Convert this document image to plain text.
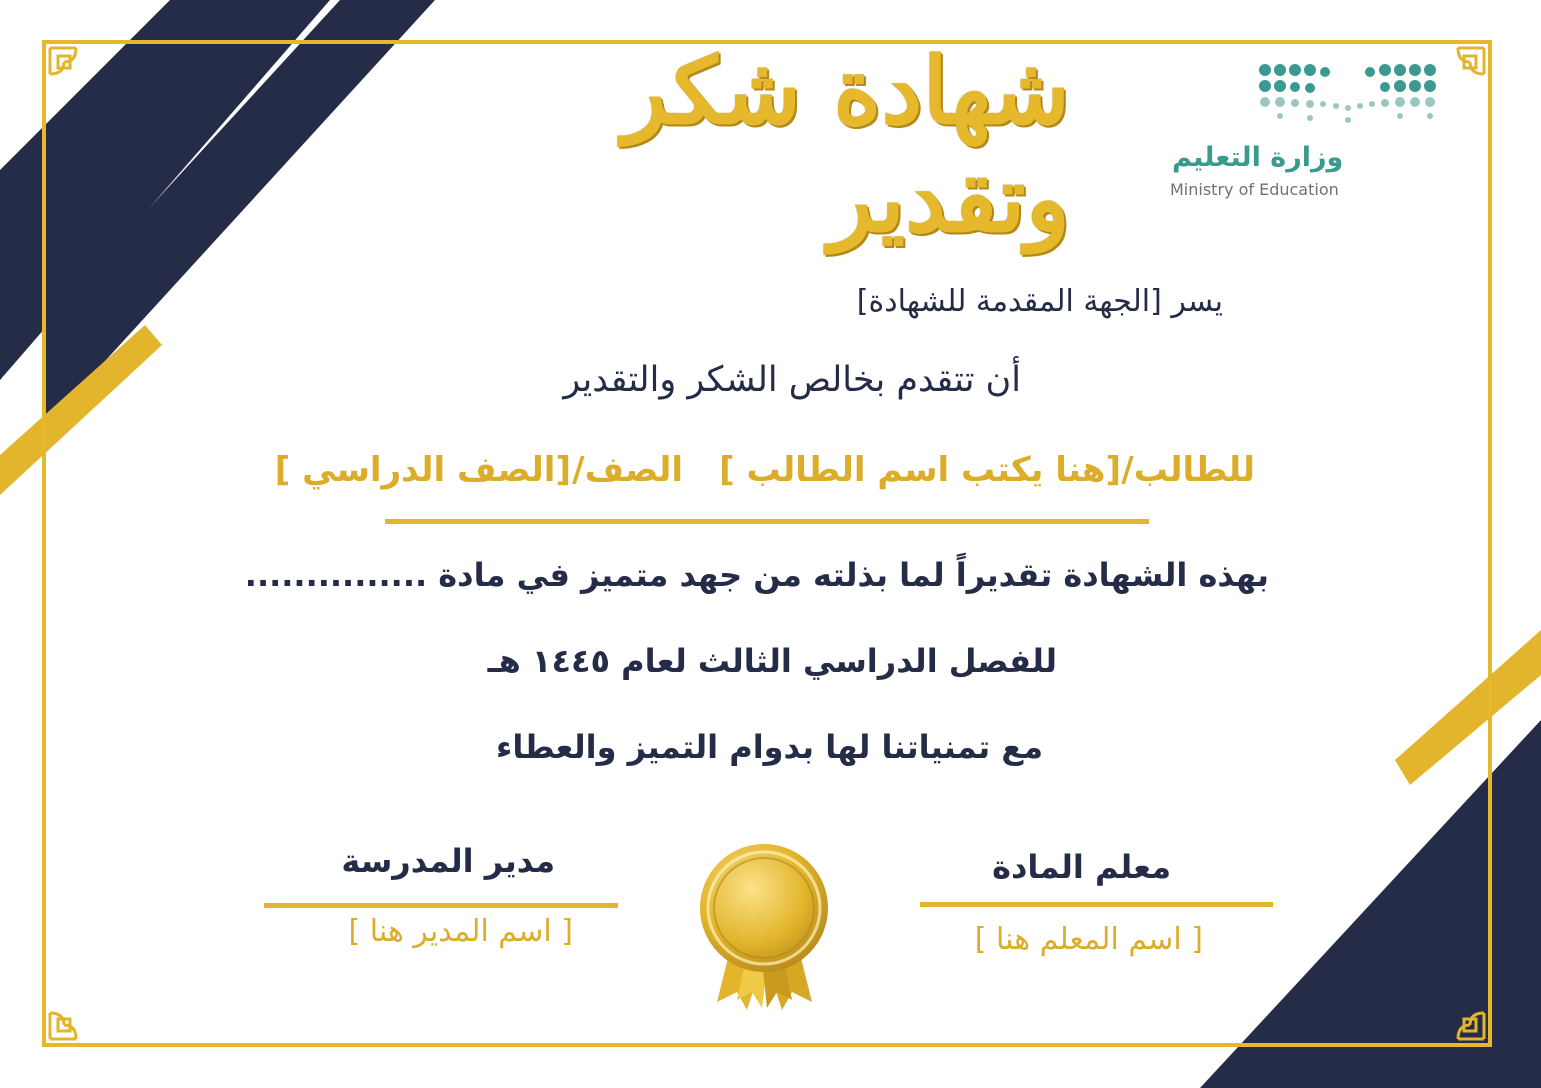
وزارة التعليم
Ministry of Education
شهادة شكر وتقدير
يسر [الجهة المقدمة للشهادة]
أن تتقدم بخالص الشكر والتقدير
للطالب/
[هنا يكتب اسم الطالب ]
الصف/
[الصف الدراسي ]
بهذه الشهادة تقديراً لما بذلته من جهد متميز في مادة ...............
للفصل الدراسي الثالث لعام ١٤٤٥ هـ
مع تمنياتنا لها بدوام التميز والعطاء
معلم المادة
[ اسم المعلم هنا ]
مدير المدرسة
[ اسم المدير هنا ]
